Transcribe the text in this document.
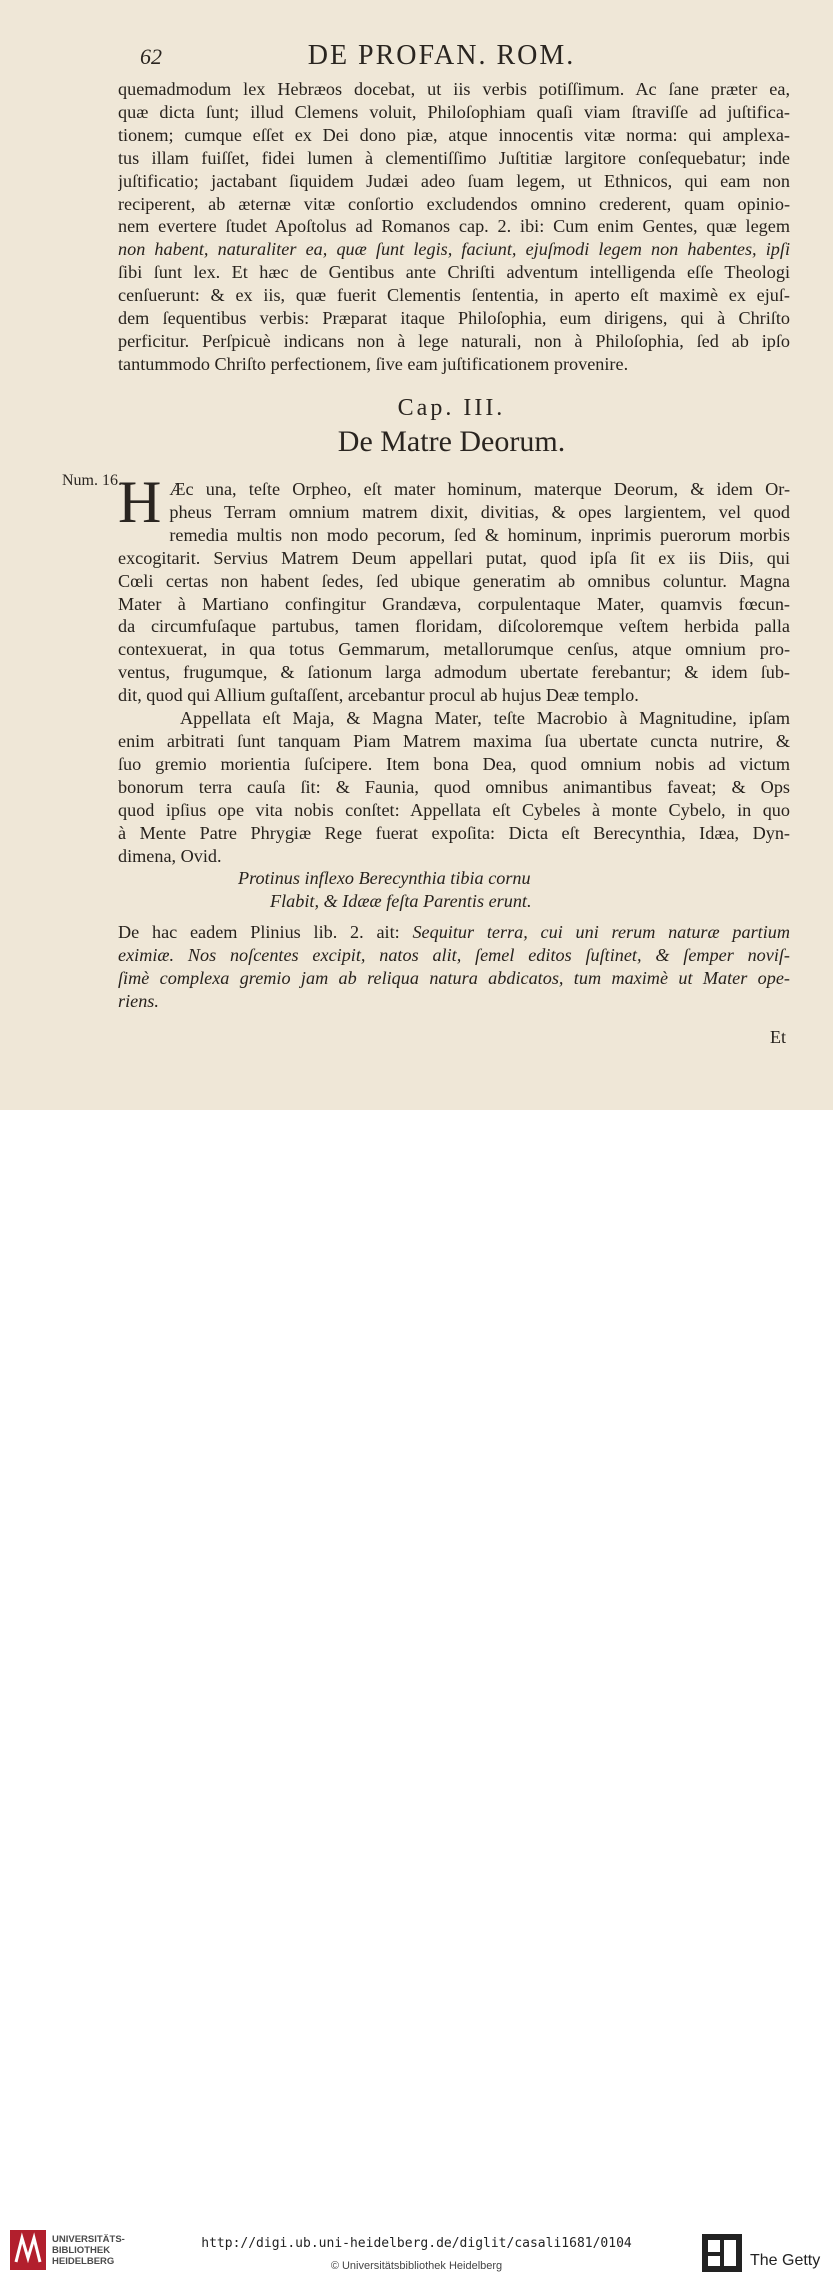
62	DE PROFAN. ROM.
quemadmodum lex Hebræos docebat, ut iis verbis potiſſimum. Ac ſane præter ea,
quæ dicta ſunt; illud Clemens voluit, Philoſophiam quaſi viam ſtraviſſe ad juſtifica-
tionem; cumque eſſet ex Dei dono piæ, atque innocentis vitæ norma: qui amplexa-
tus illam fuiſſet, fidei lumen à clementiſſimo Juſtitiæ largitore conſequebatur; inde
juſtificatio; jactabant ſiquidem Judæi adeo ſuam legem, ut Ethnicos, qui eam non
reciperent, ab æternæ vitæ conſortio excludendos omnino crederent, quam opinio-
nem evertere ſtudet Apoſtolus ad Romanos cap. 2. ibi: Cum enim Gentes, quæ legem
non habent, naturaliter ea, quæ ſunt legis, faciunt, ejuſmodi legem non habentes, ipſi
ſibi ſunt lex. Et hæc de Gentibus ante Chriſti adventum intelligenda eſſe Theologi
cenſuerunt: & ex iis, quæ fuerit Clementis ſententia, in aperto eſt maximè ex ejuſ-
dem ſequentibus verbis: Præparat itaque Philoſophia, eum dirigens, qui à Chriſto
perficitur. Perſpicuè indicans non à lege naturali, non à Philoſophia, ſed ab ipſo
tantummodo Chriſto perfectionem, ſive eam juſtificationem provenire.
Cap. III.
De Matre Deorum.
Num. 16.
H Æc una, teſte Orpheo, eſt mater hominum, materque Deorum, & idem Or-
pheus Terram omnium matrem dixit, divitias, & opes largientem, vel quod
remedia multis non modo pecorum, ſed & hominum, inprimis puerorum morbis
excogitarit. Servius Matrem Deum appellari putat, quod ipſa ſit ex iis Diis, qui
Cœli certas non habent ſedes, ſed ubique generatim ab omnibus coluntur. Magna
Mater à Martiano confingitur Grandæva, corpulentaque Mater, quamvis fœcun-
da circumfuſaque partubus, tamen floridam, diſcoloremque veſtem herbida palla
contexuerat, in qua totus Gemmarum, metallorumque cenſus, atque omnium pro-
ventus, frugumque, & ſationum larga admodum ubertate ferebantur; & idem ſub-
dit, quod qui Allium guſtaſſent, arcebantur procul ab hujus Deæ templo.
Appellata eſt Maja, & Magna Mater, teſte Macrobio à Magnitudine, ipſam
enim arbitrati ſunt tanquam Piam Matrem maxima ſua ubertate cuncta nutrire, &
ſuo gremio morientia ſuſcipere. Item bona Dea, quod omnium nobis ad victum
bonorum terra cauſa ſit: & Faunia, quod omnibus animantibus faveat; & Ops
quod ipſius ope vita nobis conſtet: Appellata eſt Cybeles à monte Cybelo, in quo
à Mente Patre Phrygiæ Rege fuerat expoſita: Dicta eſt Berecynthia, Idæa, Dyn-
dimena, Ovid.
Protinus inflexo Berecynthia tibia cornu
Flabit, & Idææ feſta Parentis erunt.
De hac eadem Plinius lib. 2. ait: Sequitur terra, cui uni rerum naturæ partium
eximiæ. Nos noſcentes excipit, natos alit, ſemel editos ſuſtinet, & ſemper noviſ-
ſimè complexa gremio jam ab reliqua natura abdicatos, tum maximè ut Mater ope-
riens.
Et
UNIVERSITÄTS-
BIBLIOTHEK
HEIDELBERG
http://digi.ub.uni-heidelberg.de/diglit/casali1681/0104
© Universitätsbibliothek Heidelberg	The Getty
